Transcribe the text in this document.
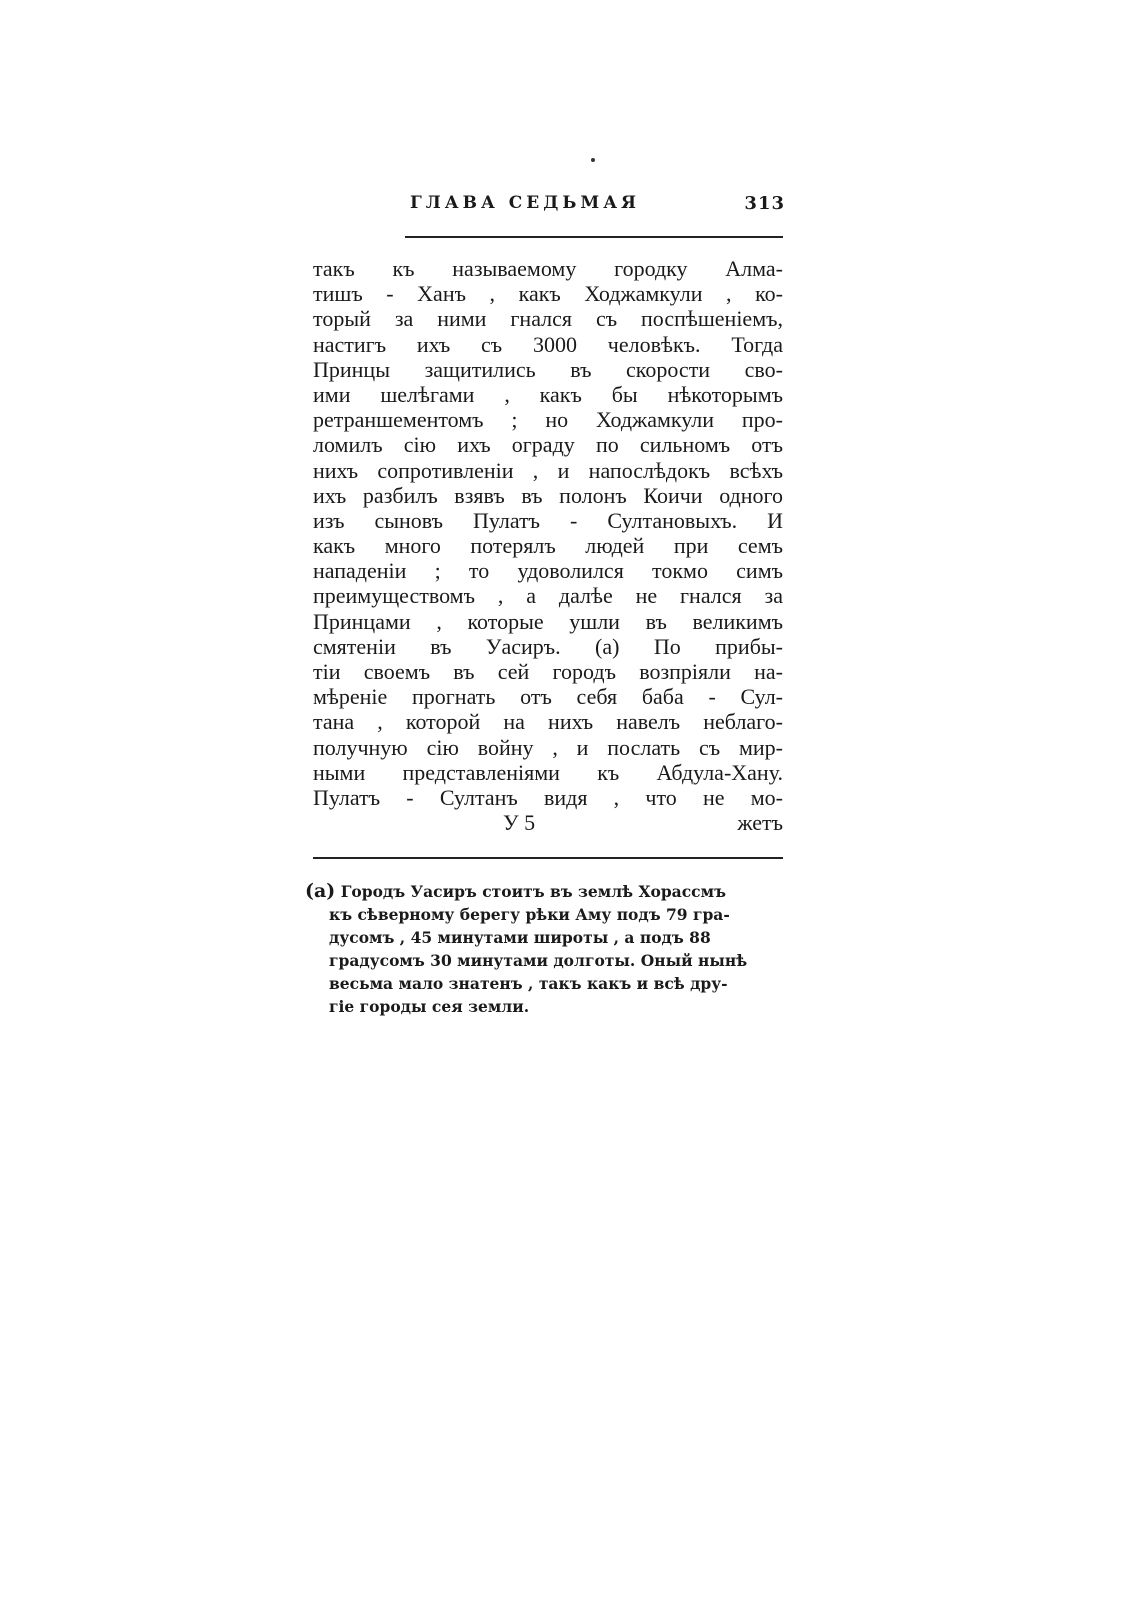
ГЛАВА СЕДЬМАЯ	313
такъ къ называемому городку Алма-
тишъ - Ханъ , какъ Ходжамкули , ко-
торый за ними гнался съ поспѣшенiемъ,
настигъ ихъ съ 3000 человѣкъ. Тогда
Принцы защитились въ скорости сво-
ими шелѣгами , какъ бы нѣкоторымъ
ретраншементомъ ; но Ходжамкули про-
ломилъ сiю ихъ ограду по сильномъ отъ
нихъ сопротивленiи , и напослѣдокъ всѣхъ
ихъ разбилъ взявъ въ полонъ Коичи одного
изъ сыновъ Пулатъ - Султановыхъ. И
какъ много потерялъ людей при семъ
нападенiи ; то удоволился токмо симъ
преимуществомъ , а далѣе не гнался за
Принцами , которые ушли въ великимъ
смятенiи въ Уасиръ. (a) По прибы-
тiи своемъ въ сей городъ возпрiяли на-
мѣренiе прогнать отъ себя баба - Сул-
тана , которой на нихъ навелъ неблаго-
получную сiю войну , и послать съ мир-
ными представленiями къ Абдула-Хану.
Пулатъ - Султанъ видя , что не мо-
У 5	жетъ
(a) Городъ Уасиръ стоитъ въ землѣ Хорассмъ
къ сѣверному берегу рѣки Аму подъ 79 гра-
дусомъ , 45 минутами широты , а подъ 88
градусомъ 30 минутами долготы. Оный нынѣ
весьма мало знатенъ , такъ какъ и всѣ дру-
гiе городы сея земли.
